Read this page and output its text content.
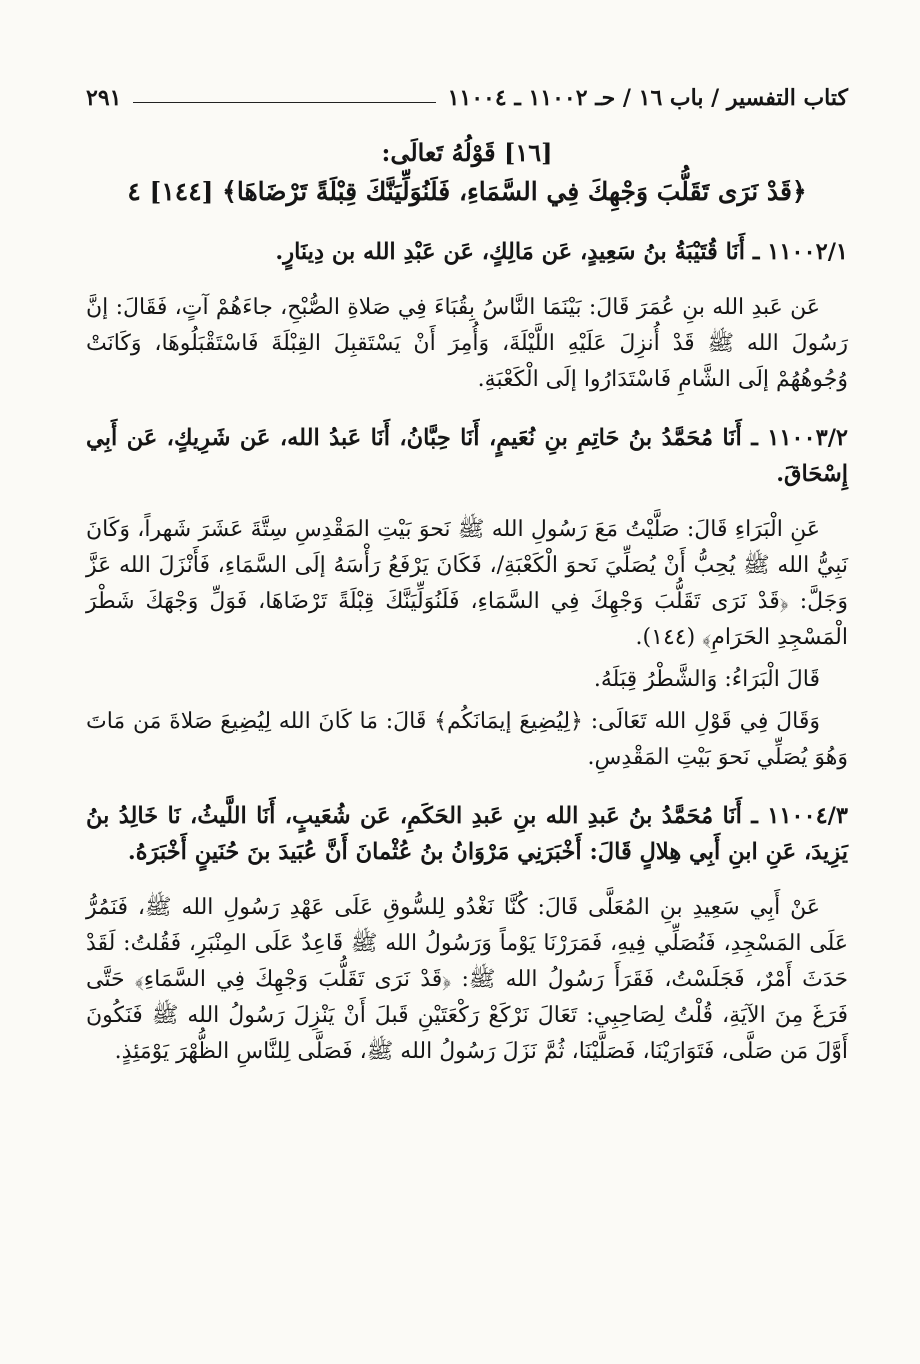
كتاب التفسير / باب ١٦ / حـ ١١٠٠٢ ـ ١١٠٠٤
٢٩١
[١٦] قَوْلُهُ تَعالَى:
﴿قَدْ نَرَى تَقَلُّبَ وَجْهِكَ فِي السَّمَاءِ، فَلَنُوَلِّيَنَّكَ قِبْلَةً تَرْضَاهَا﴾ [١٤٤] ٤
١١٠٠٢/١ ـ أَنَا قُتَيْبَةُ بنُ سَعِيدٍ، عَن مَالِكٍ، عَن عَبْدِ الله بن دِينَارٍ.
عَن عَبدِ الله بنِ عُمَرَ قَالَ: بَيْنَمَا النَّاسُ بِقُبَاءَ فِي صَلاةِ الصُّبْحِ، جاءَهُمْ آتٍ، فَقَالَ: إنَّ رَسُولَ الله ﷺ قَدْ أُنزِلَ عَلَيْهِ اللَّيْلَةَ، وَأُمِرَ أَنْ يَسْتَقبِلَ القِبْلَةَ فَاسْتَقْبَلُوهَا، وَكَانَتْ وُجُوهُهُمْ إلَى الشَّامِ فَاسْتَدَارُوا إلَى الْكَعْبَةِ.
١١٠٠٣/٢ ـ أَنَا مُحَمَّدُ بنُ حَاتِمِ بنِ نُعَيمٍ، أَنَا حِبَّانُ، أَنَا عَبدُ الله، عَن شَرِيكٍ، عَن أَبِي إِسْحَاقَ.
عَنِ الْبَرَاءِ قَالَ: صَلَّيْتُ مَعَ رَسُولِ الله ﷺ نَحوَ بَيْتِ المَقْدِسِ سِتَّةَ عَشَرَ شَهراً، وَكَانَ نَبِيُّ الله ﷺ يُحِبُّ أَنْ يُصَلِّيَ نَحوَ الْكَعْبَةِ/، فَكَانَ يَرْفَعُ رَأْسَهُ إلَى السَّمَاءِ، فَأَنْزَلَ الله عَزَّ وَجَلَّ: ﴿قَدْ نَرَى تَقَلُّبَ وَجْهِكَ فِي السَّمَاءِ، فَلَنُوَلِّيَنَّكَ قِبْلَةً تَرْضَاهَا، فَوَلِّ وَجْهَكَ شَطْرَ الْمَسْجِدِ الحَرَامِ﴾ (١٤٤).
قَالَ الْبَرَاءُ: وَالشَّطْرُ قِبَلَهُ.
وَقَالَ فِي قَوْلِ الله تَعَالَى: ﴿لِيُضِيعَ إيمَانَكُم﴾ قَالَ: مَا كَانَ الله لِيُضِيعَ صَلاةَ مَن مَاتَ وَهُوَ يُصَلِّي نَحوَ بَيْتِ المَقْدِسِ.
١١٠٠٤/٣ ـ أَنَا مُحَمَّدُ بنُ عَبدِ الله بنِ عَبدِ الحَكَمِ، عَن شُعَيبٍ، أَنَا اللَّيثُ، نَا خَالِدُ بنُ يَزِيدَ، عَنِ ابنِ أَبِي هِلالٍ قَالَ: أَخْبَرَنِي مَرْوَانُ بنُ عُثْمانَ أَنَّ عُبَيدَ بنَ حُنَينٍ أَخْبَرَهُ.
عَنْ أَبِي سَعِيدِ بنِ المُعَلَّى قَالَ: كُنَّا نَغْدُو لِلسُّوقِ عَلَى عَهْدِ رَسُولِ الله ﷺ، فَنَمُرُّ عَلَى المَسْجِدِ، فَنُصَلِّي فِيهِ، فَمَرَرْنَا يَوْماً وَرَسُولُ الله ﷺ قَاعِدٌ عَلَى المِنْبَرِ، فَقُلتُ: لَقَدْ حَدَثَ أَمْرٌ، فَجَلَسْتُ، فَقَرَأَ رَسُولُ الله ﷺ: ﴿قَدْ نَرَى تَقَلُّبَ وَجْهِكَ فِي السَّمَاءِ﴾ حَتَّى فَرَغَ مِنَ الآيَةِ، قُلْتُ لِصَاحِبِي: تَعَالَ نَرْكَعْ رَكْعَتَيْنِ قَبلَ أَنْ يَنْزِلَ رَسُولُ الله ﷺ فَنَكُونَ أَوَّلَ مَن صَلَّى، فَتَوَارَيْنَا، فَصَلَّيْنَا، ثُمَّ نَزَلَ رَسُولُ الله ﷺ، فَصَلَّى لِلنَّاسِ الظُّهْرَ يَوْمَئِذٍ.
